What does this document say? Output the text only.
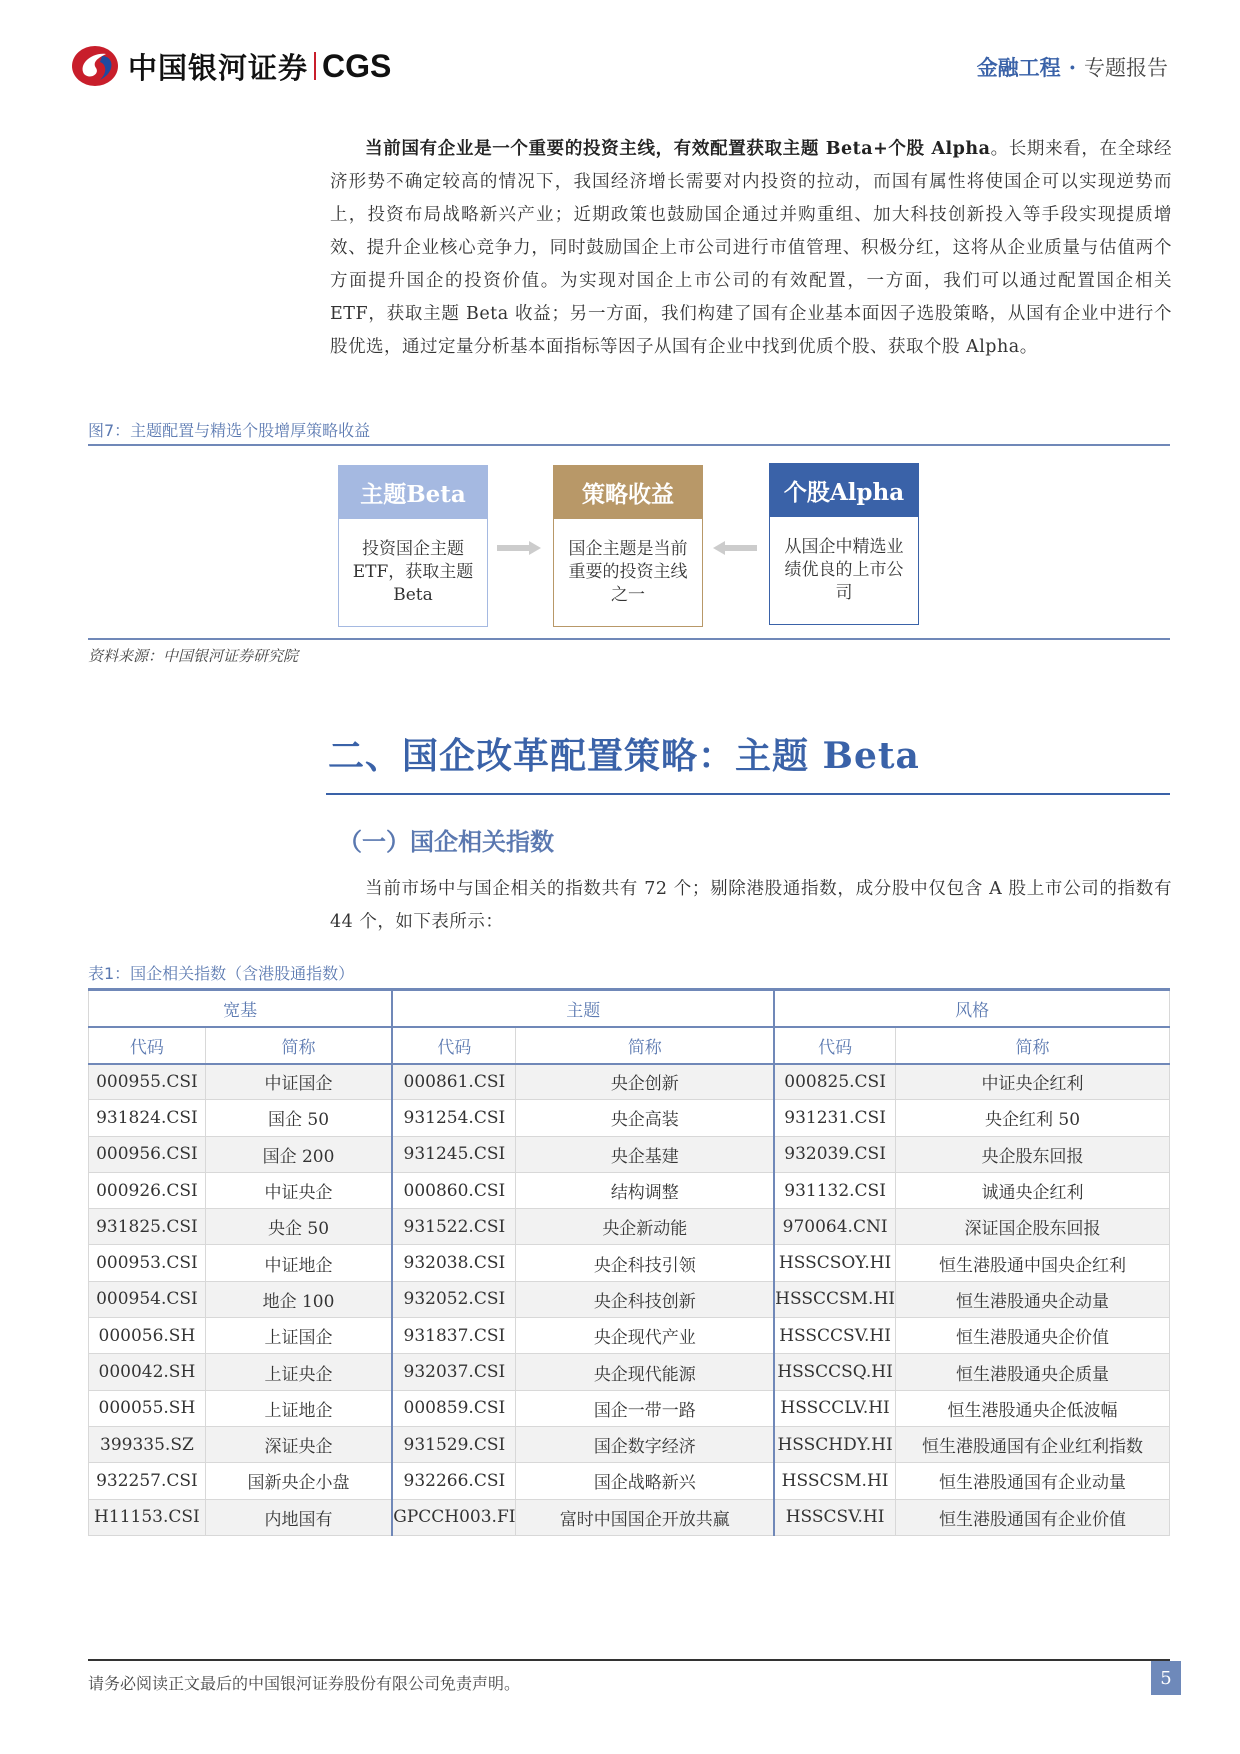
中国银河证券 CGS	金融工程 · 专题报告
当前国有企业是一个重要的投资主线，有效配置获取主题 Beta+个股 Alpha。长期来看，在全球经济形势不确定较高的情况下，我国经济增长需要对内投资的拉动，而国有属性将使国企可以实现逆势而上，投资布局战略新兴产业；近期政策也鼓励国企通过并购重组、加大科技创新投入等手段实现提质增效、提升企业核心竞争力，同时鼓励国企上市公司进行市值管理、积极分红，这将从企业质量与估值两个方面提升国企的投资价值。为实现对国企上市公司的有效配置，一方面，我们可以通过配置国企相关 ETF，获取主题 Beta 收益；另一方面，我们构建了国有企业基本面因子选股策略，从国有企业中进行个股优选，通过定量分析基本面指标等因子从国有企业中找到优质个股、获取个股 Alpha。
图7：主题配置与精选个股增厚策略收益
主题Beta
投资国企主题ETF，获取主题Beta
策略收益
国企主题是当前重要的投资主线之一
个股Alpha
从国企中精选业绩优良的上市公司
资料来源：中国银河证券研究院
二、国企改革配置策略：主题 Beta
（一）国企相关指数
当前市场中与国企相关的指数共有 72 个；剔除港股通指数，成分股中仅包含 A 股上市公司的指数有 44 个，如下表所示：
表1：国企相关指数（含港股通指数）
宽基		主题		风格	
代码	简称	代码	简称	代码	简称
000955.CSI	中证国企	000861.CSI	央企创新	000825.CSI	中证央企红利
931824.CSI	国企 50	931254.CSI	央企高装	931231.CSI	央企红利 50
000956.CSI	国企 200	931245.CSI	央企基建	932039.CSI	央企股东回报
000926.CSI	中证央企	000860.CSI	结构调整	931132.CSI	诚通央企红利
931825.CSI	央企 50	931522.CSI	央企新动能	970064.CNI	深证国企股东回报
000953.CSI	中证地企	932038.CSI	央企科技引领	HSSCSOY.HI	恒生港股通中国央企红利
000954.CSI	地企 100	932052.CSI	央企科技创新	HSSCCSM.HI	恒生港股通央企动量
000056.SH	上证国企	931837.CSI	央企现代产业	HSSCCSV.HI	恒生港股通央企价值
000042.SH	上证央企	932037.CSI	央企现代能源	HSSCCSQ.HI	恒生港股通央企质量
000055.SH	上证地企	000859.CSI	国企一带一路	HSSCCLV.HI	恒生港股通央企低波幅
399335.SZ	深证央企	931529.CSI	国企数字经济	HSSCHDY.HI	恒生港股通国有企业红利指数
932257.CSI	国新央企小盘	932266.CSI	国企战略新兴	HSSCSM.HI	恒生港股通国有企业动量
H11153.CSI	内地国有	GPCCH003.FI	富时中国国企开放共赢	HSSCSV.HI	恒生港股通国有企业价值
请务必阅读正文最后的中国银河证券股份有限公司免责声明。	5
